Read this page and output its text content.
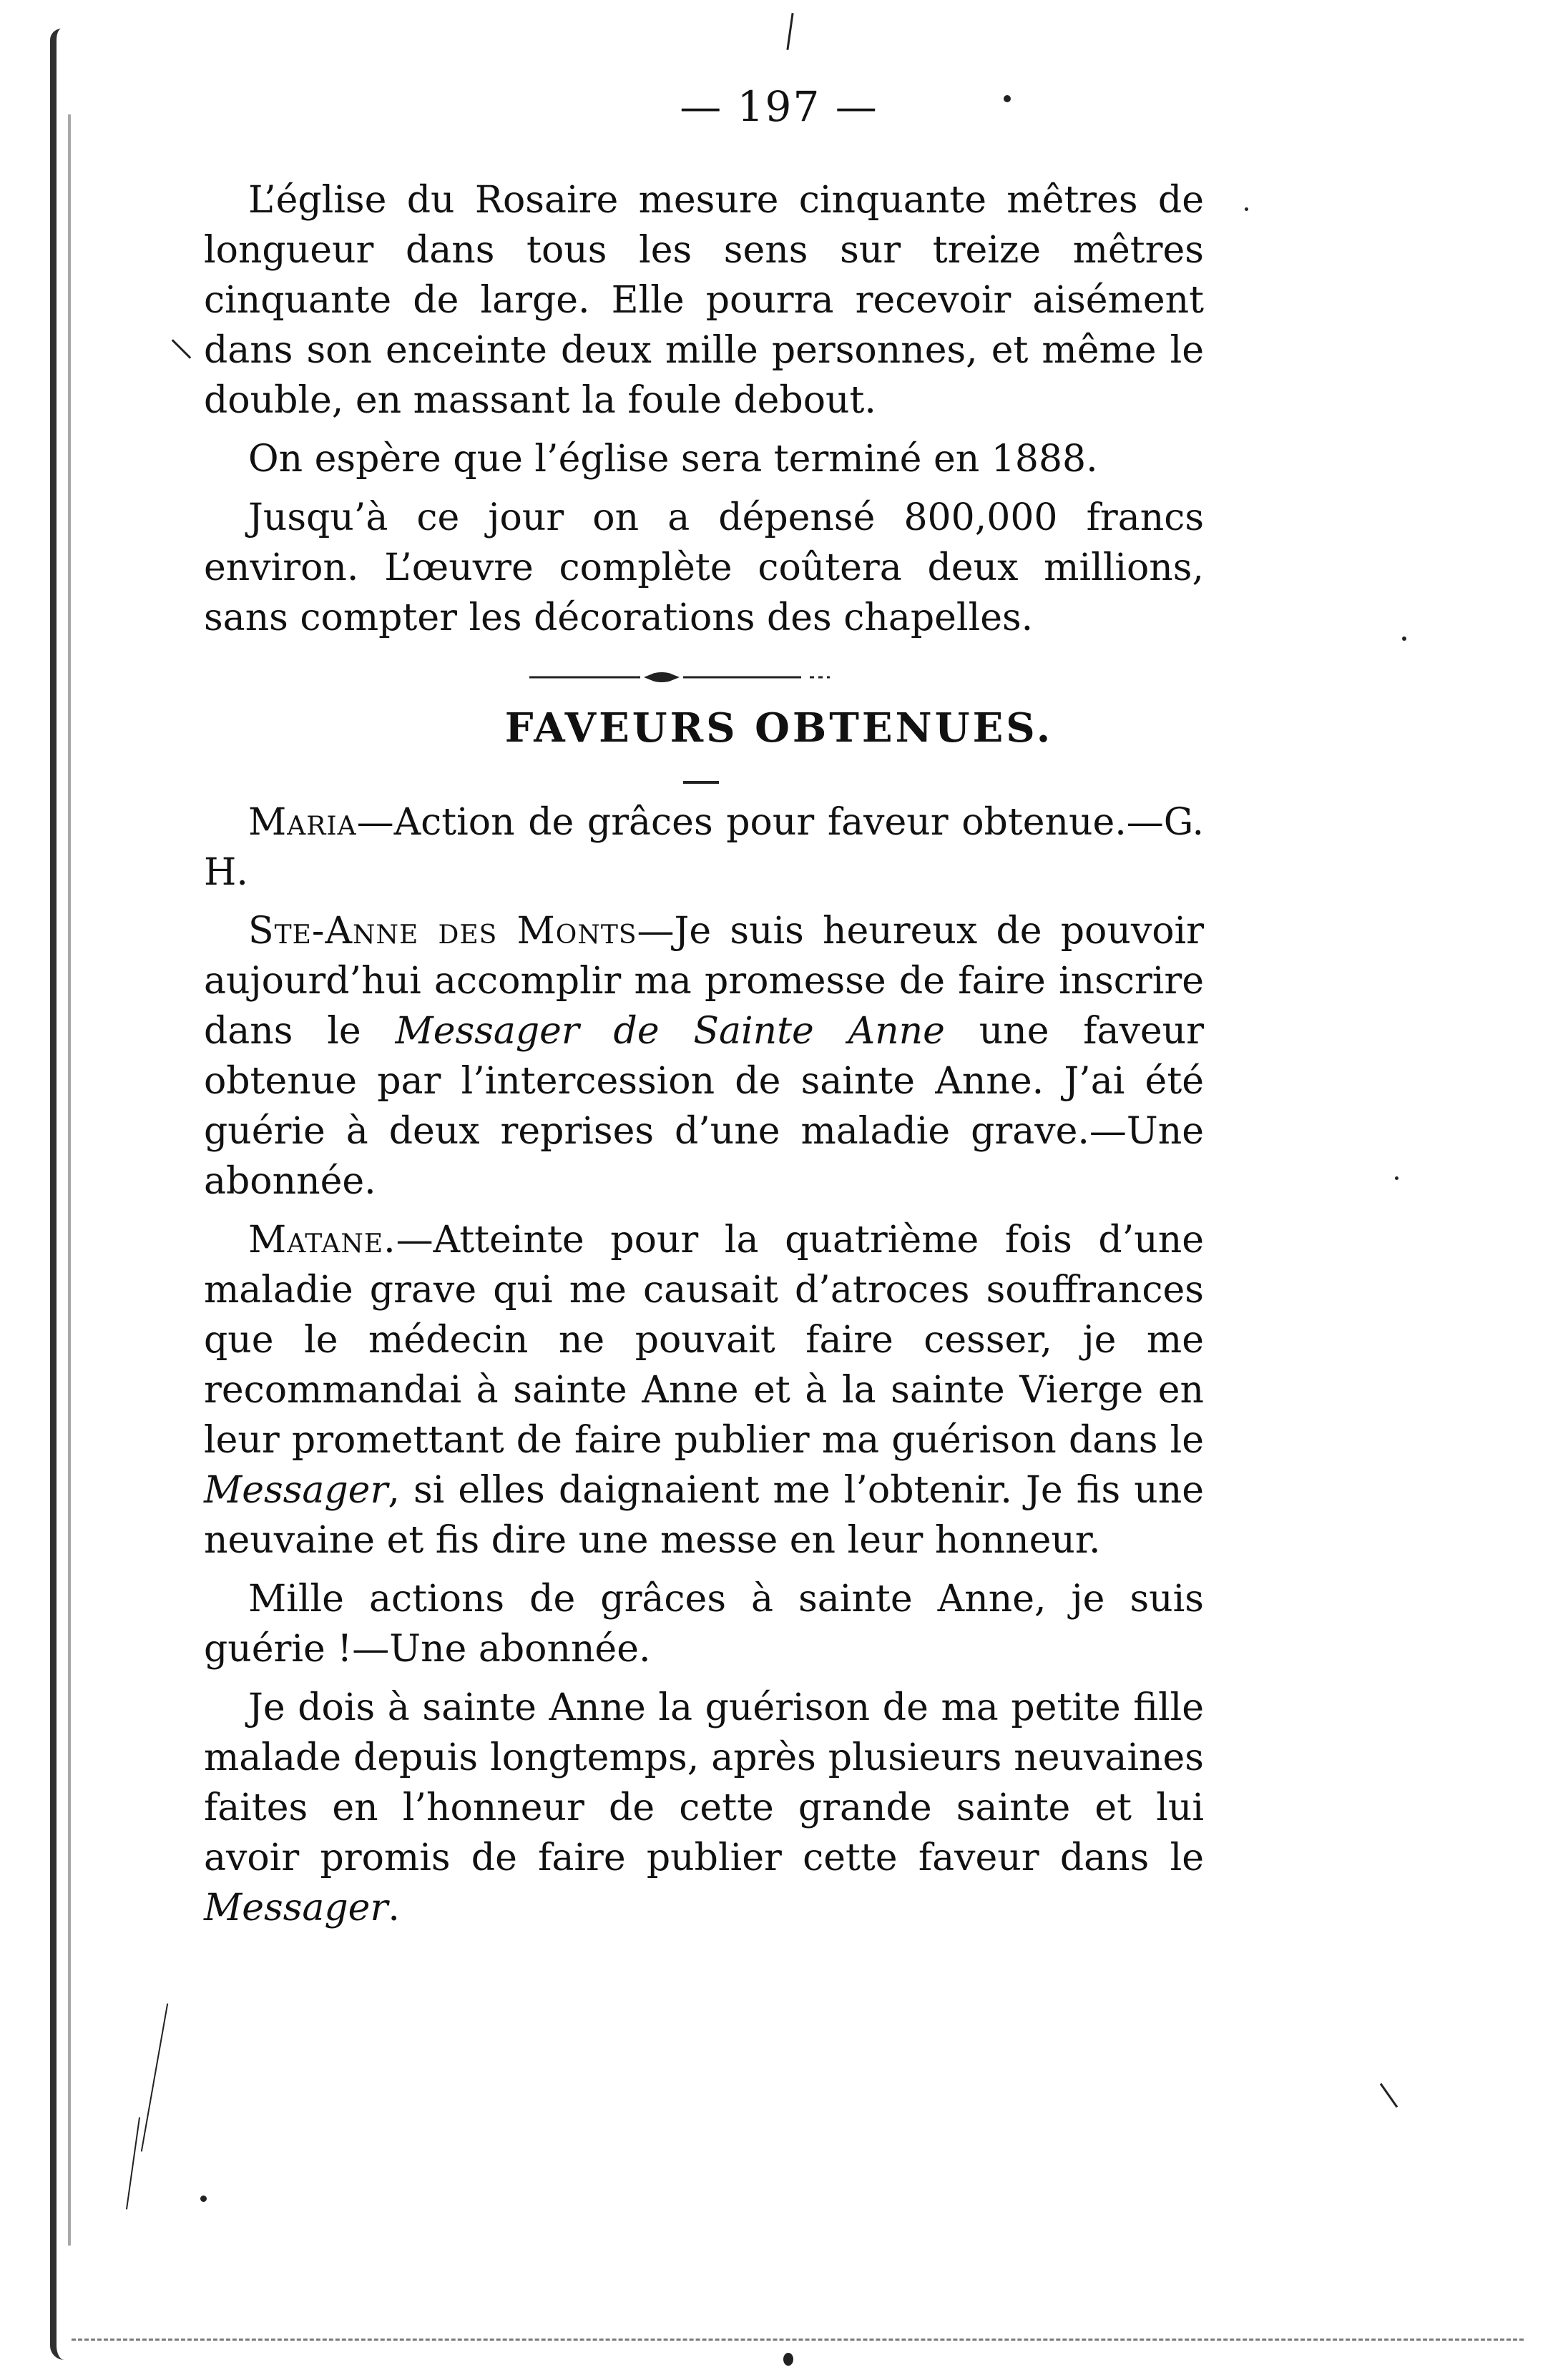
— 197 —

L’église du Rosaire mesure cinquante mêtres de longueur dans tous les sens sur treize mêtres cinquante de large. Elle pourra recevoir aisément dans son enceinte deux mille personnes, et même le double, en massant la foule debout.

On espère que l’église sera terminé en 1888.

Jusqu’à ce jour on a dépensé 800,000 francs environ. L’œuvre complète coûtera deux millions, sans compter les décorations des chapelles.

FAVEURS OBTENUES.

Maria—Action de grâces pour faveur obtenue.—G. H.

Ste-Anne des Monts—Je suis heureux de pouvoir aujourd’hui accomplir ma promesse de faire inscrire dans le Messager de Sainte Anne une faveur obtenue par l’intercession de sainte Anne. J’ai été guérie à deux reprises d’une maladie grave.—Une abonnée.

Matane.—Atteinte pour la quatrième fois d’une maladie grave qui me causait d’atroces souffrances que le médecin ne pouvait faire cesser, je me recommandai à sainte Anne et à la sainte Vierge en leur promettant de faire publier ma guérison dans le Messager, si elles daignaient me l’obtenir. Je fis une neuvaine et fis dire une messe en leur honneur.

Mille actions de grâces à sainte Anne, je suis guérie !—Une abonnée.

Je dois à sainte Anne la guérison de ma petite fille malade depuis longtemps, après plusieurs neuvaines faites en l’honneur de cette grande sainte et lui avoir promis de faire publier cette faveur dans le Messager.
